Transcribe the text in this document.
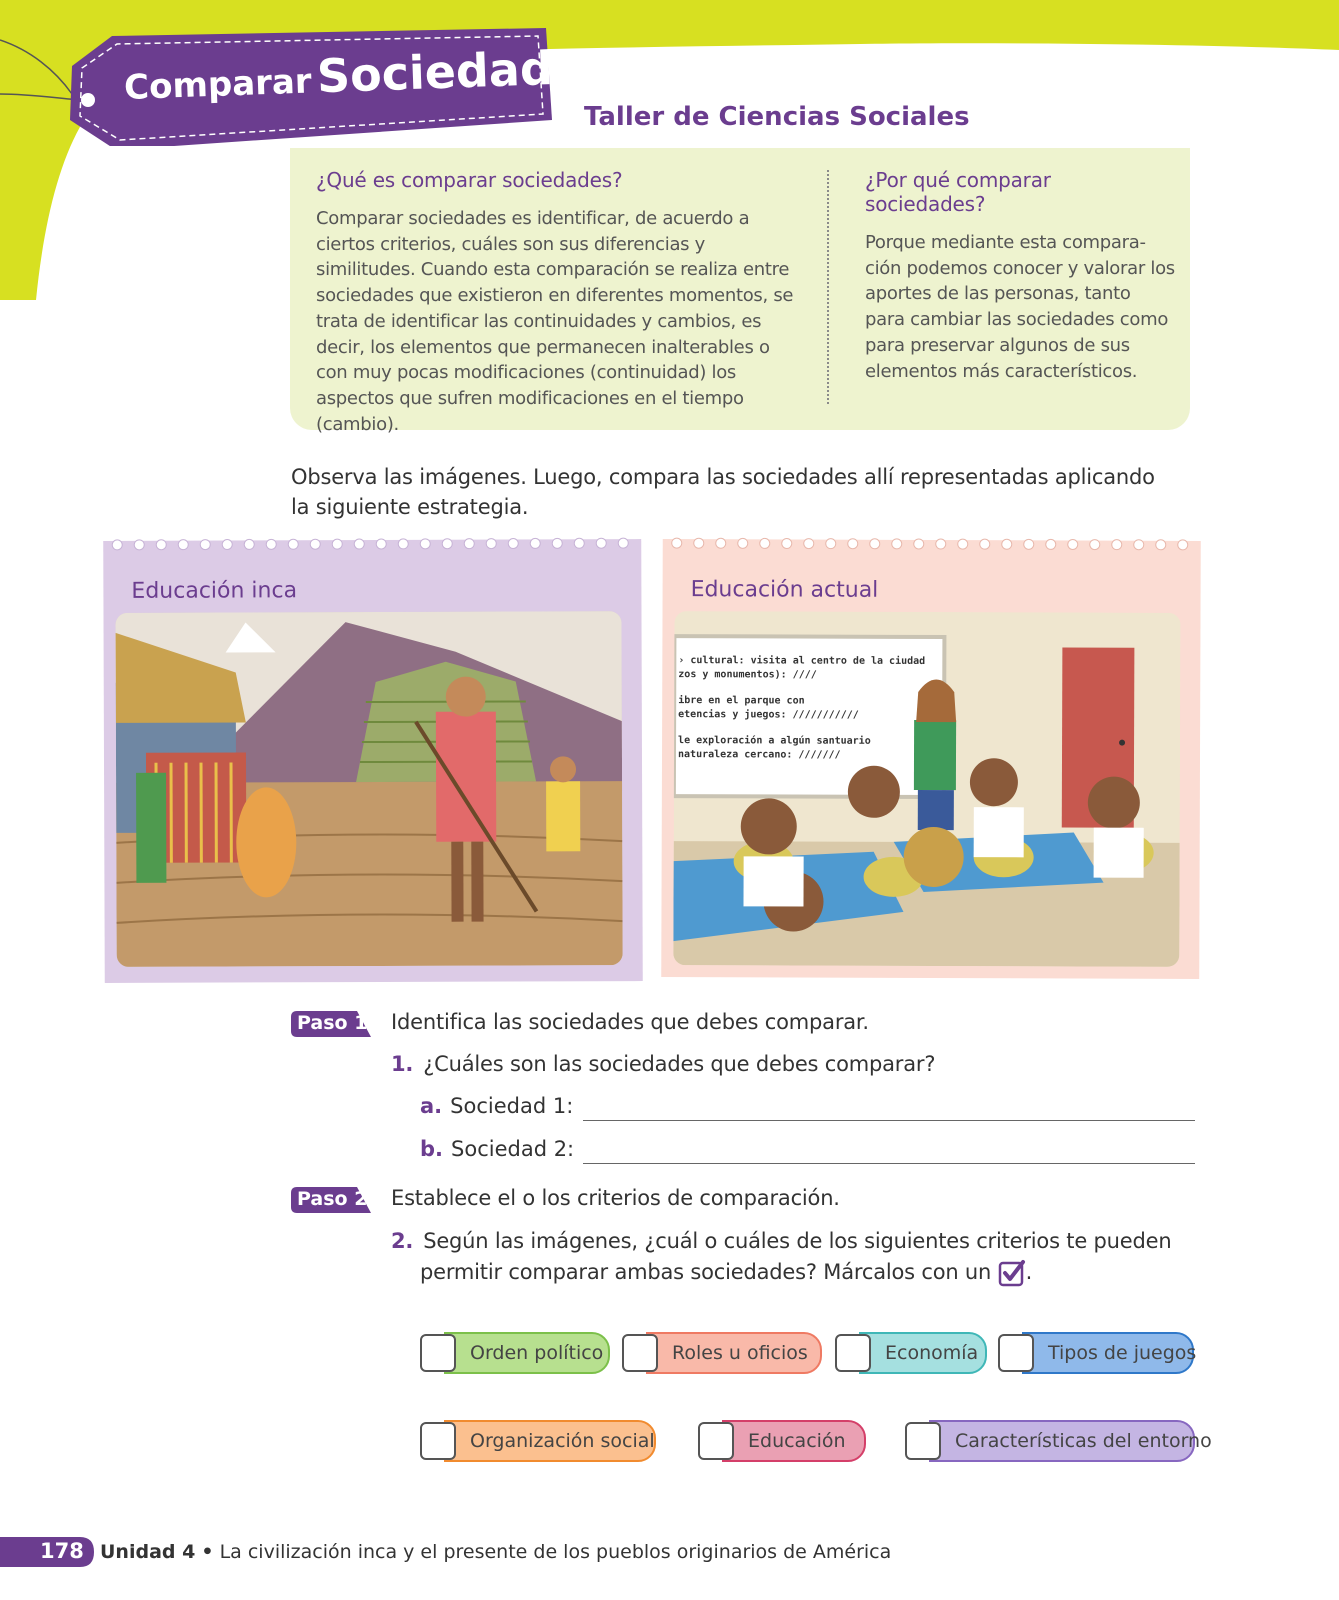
Comparar Sociedades
Taller de Ciencias Sociales
¿Qué es comparar sociedades?

Comparar sociedades es identificar, de acuerdo a ciertos criterios, cuáles son sus diferencias y similitudes. Cuando esta comparación se realiza entre sociedades que existieron en diferentes momentos, se trata de identificar las continuidades y cambios, es decir, los elementos que permanecen inalterables o con muy pocas modificaciones (continuidad) los aspectos que sufren modificaciones en el tiempo (cambio).

¿Por qué comparar sociedades?

Porque mediante esta compara-ción podemos conocer y valorar los aportes de las personas, tanto para cambiar las sociedades como para preservar algunos de sus elementos más característicos.

Observa las imágenes. Luego, compara las sociedades allí representadas aplicando la siguiente estrategia.
Educación inca	Educación actual
› cultural: visita al centro de la ciudad
zos y monumentos): ////
ibre en el parque con
etencias y juegos: ///////////
le exploración a algún santuario
naturaleza cercano: ///////
Paso 1 Identifica las sociedades que debes comparar.
1. ¿Cuáles son las sociedades que debes comparar?
a. Sociedad 1:
b. Sociedad 2:
Paso 2 Establece el o los criterios de comparación.
2. Según las imágenes, ¿cuál o cuáles de los siguientes criterios te pueden
permitir comparar ambas sociedades? Márcalos con un .
Orden político	Roles u oficios	Economía	Tipos de juegos
Organización social	Educación	Características del entorno
178 Unidad 4 • La civilización inca y el presente de los pueblos originarios de América
